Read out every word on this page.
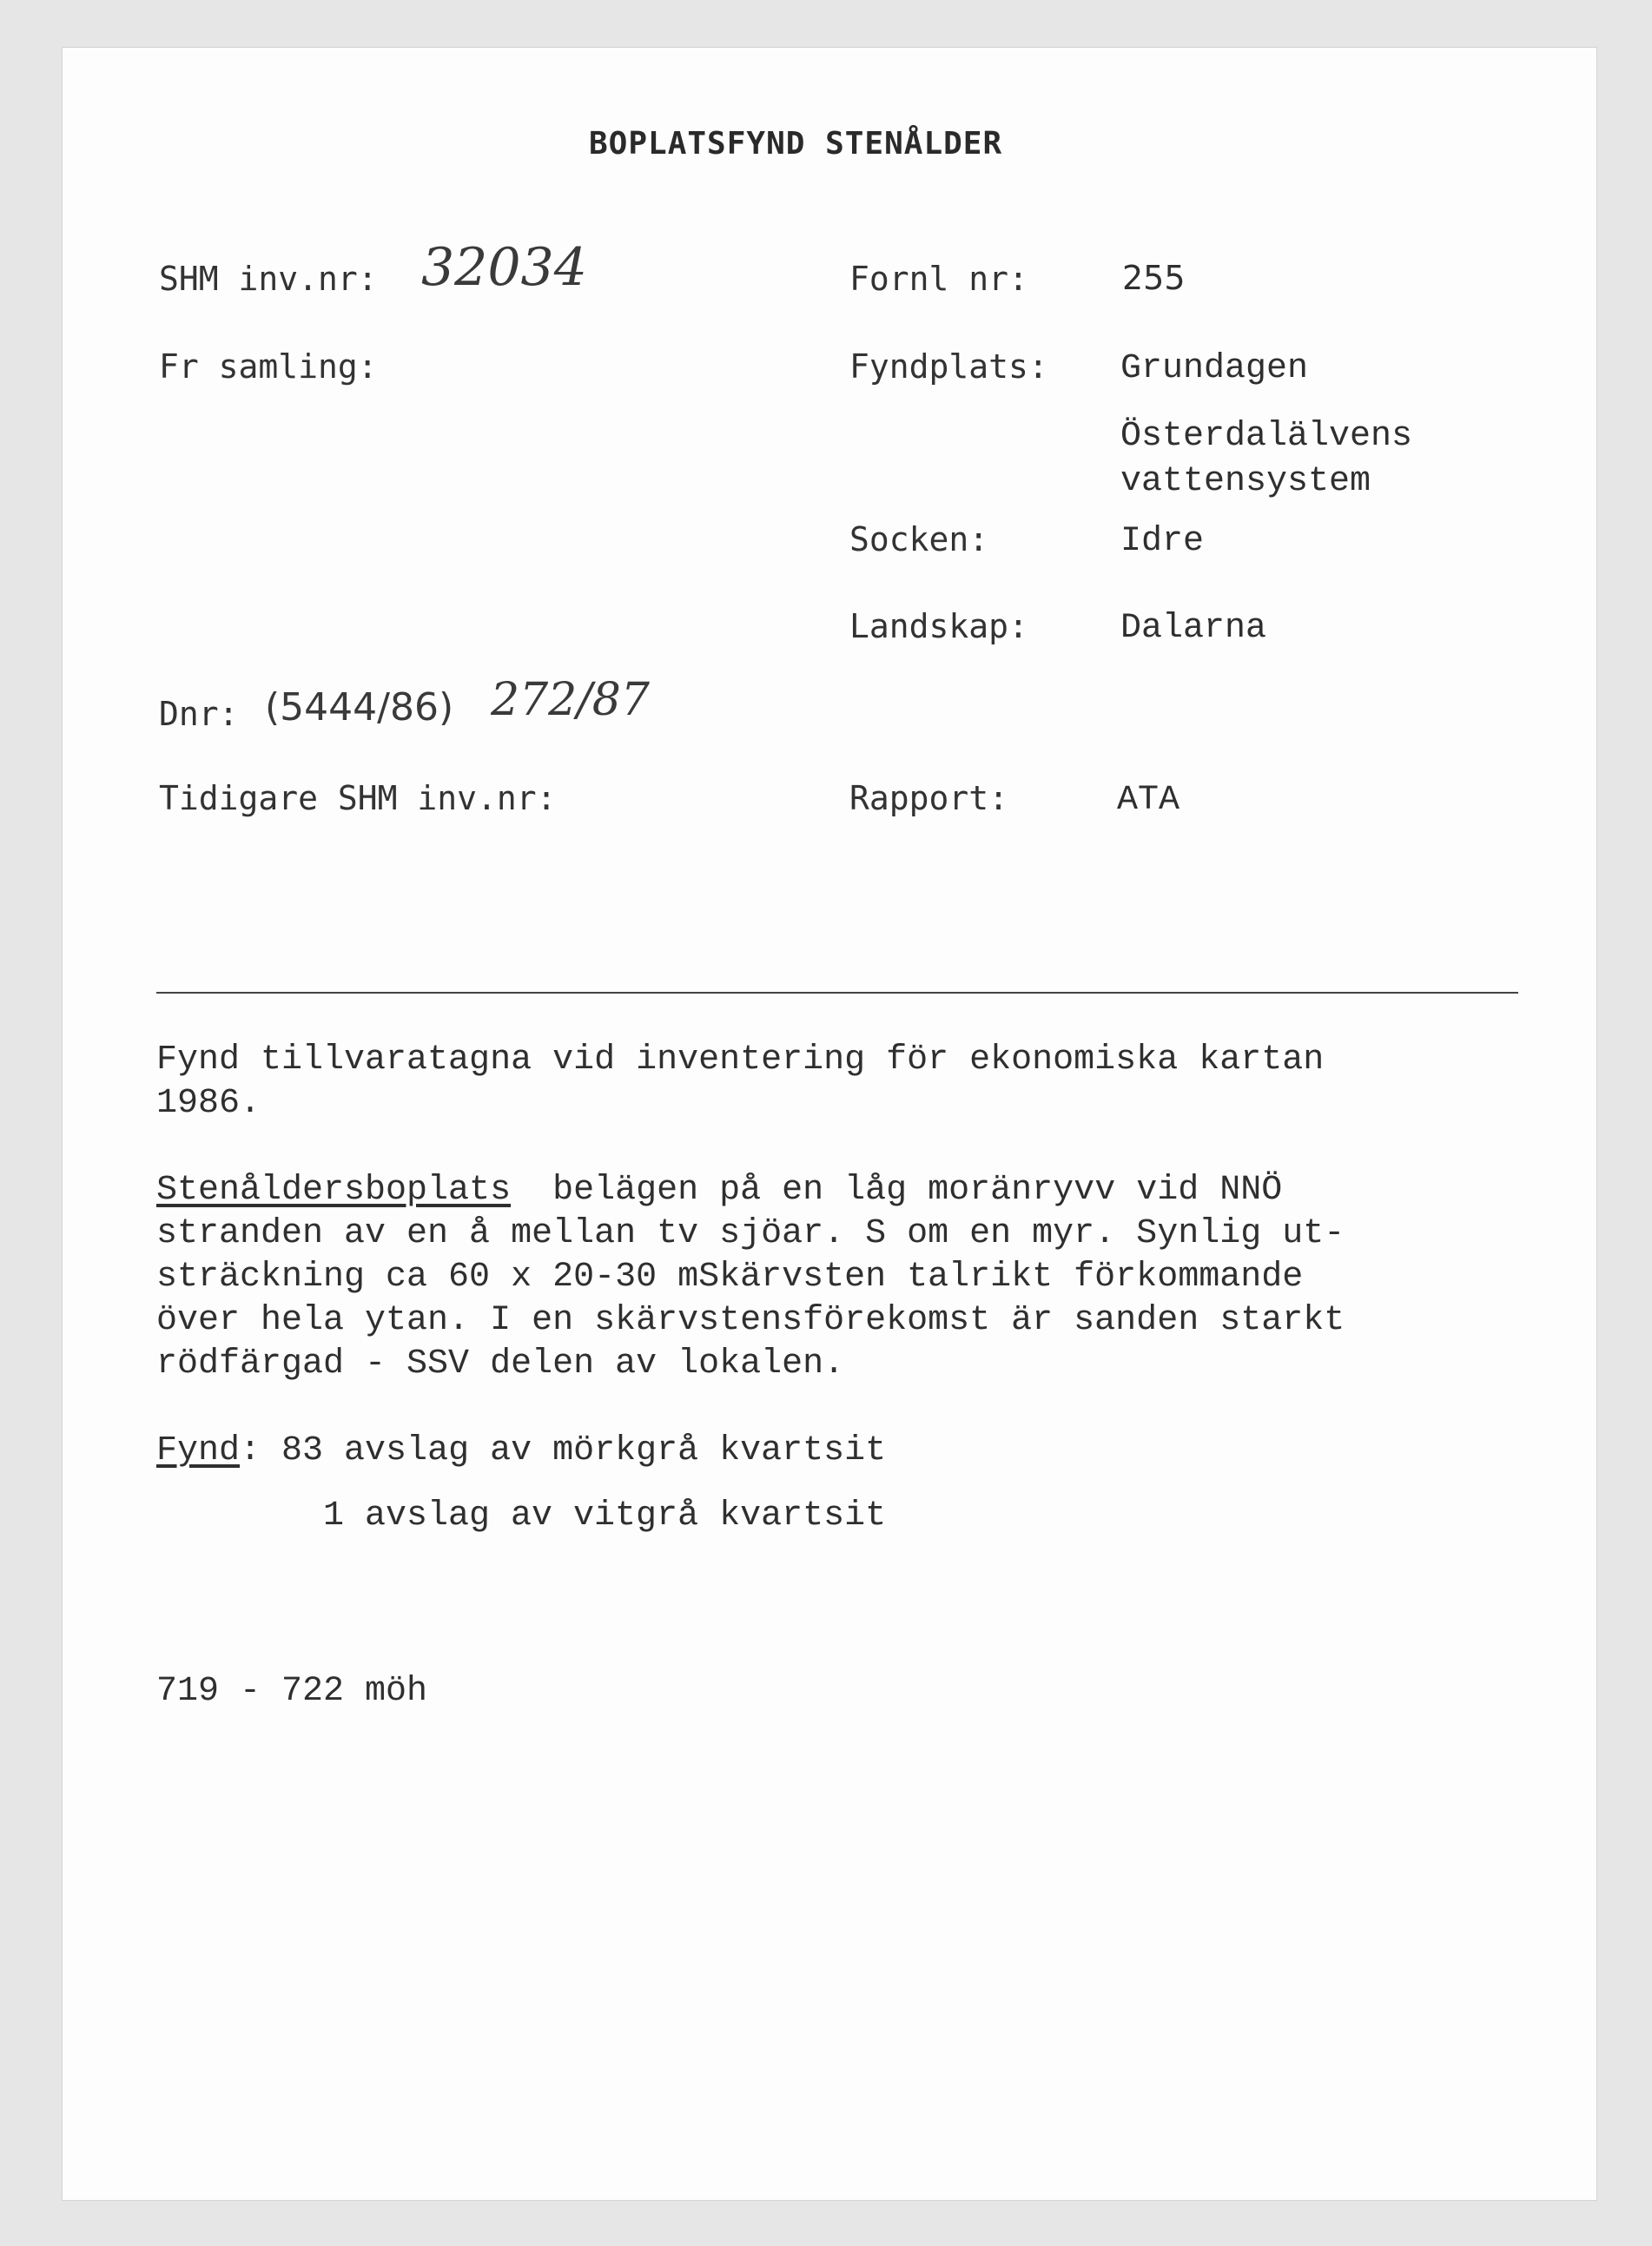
BOPLATSFYND STENÅLDER
SHM inv.nr: 32034
Fr samling:
Dnr: (5444/86) 272/87
Tidigare SHM inv.nr:
Fornl nr:	255
Fyndplats: Grundagen
Österdalälvens
vattensystem
Socken:	Idre
Landskap:	Dalarna
Rapport:	ATA
Fynd tillvaratagna vid inventering för ekonomiska kartan
1986.
Stenåldersboplats  belägen på en låg moränryvv vid NNÖ
stranden av en å mellan tv sjöar. S om en myr. Synlig ut-
sträckning ca 60 x 20-30 mSkärvsten talrikt förkommande
över hela ytan. I en skärvstensförekomst är sanden starkt
rödfärgad - SSV delen av lokalen.
Fynd: 83 avslag av mörkgrå kvartsit
1 avslag av vitgrå kvartsit
719 - 722 möh
